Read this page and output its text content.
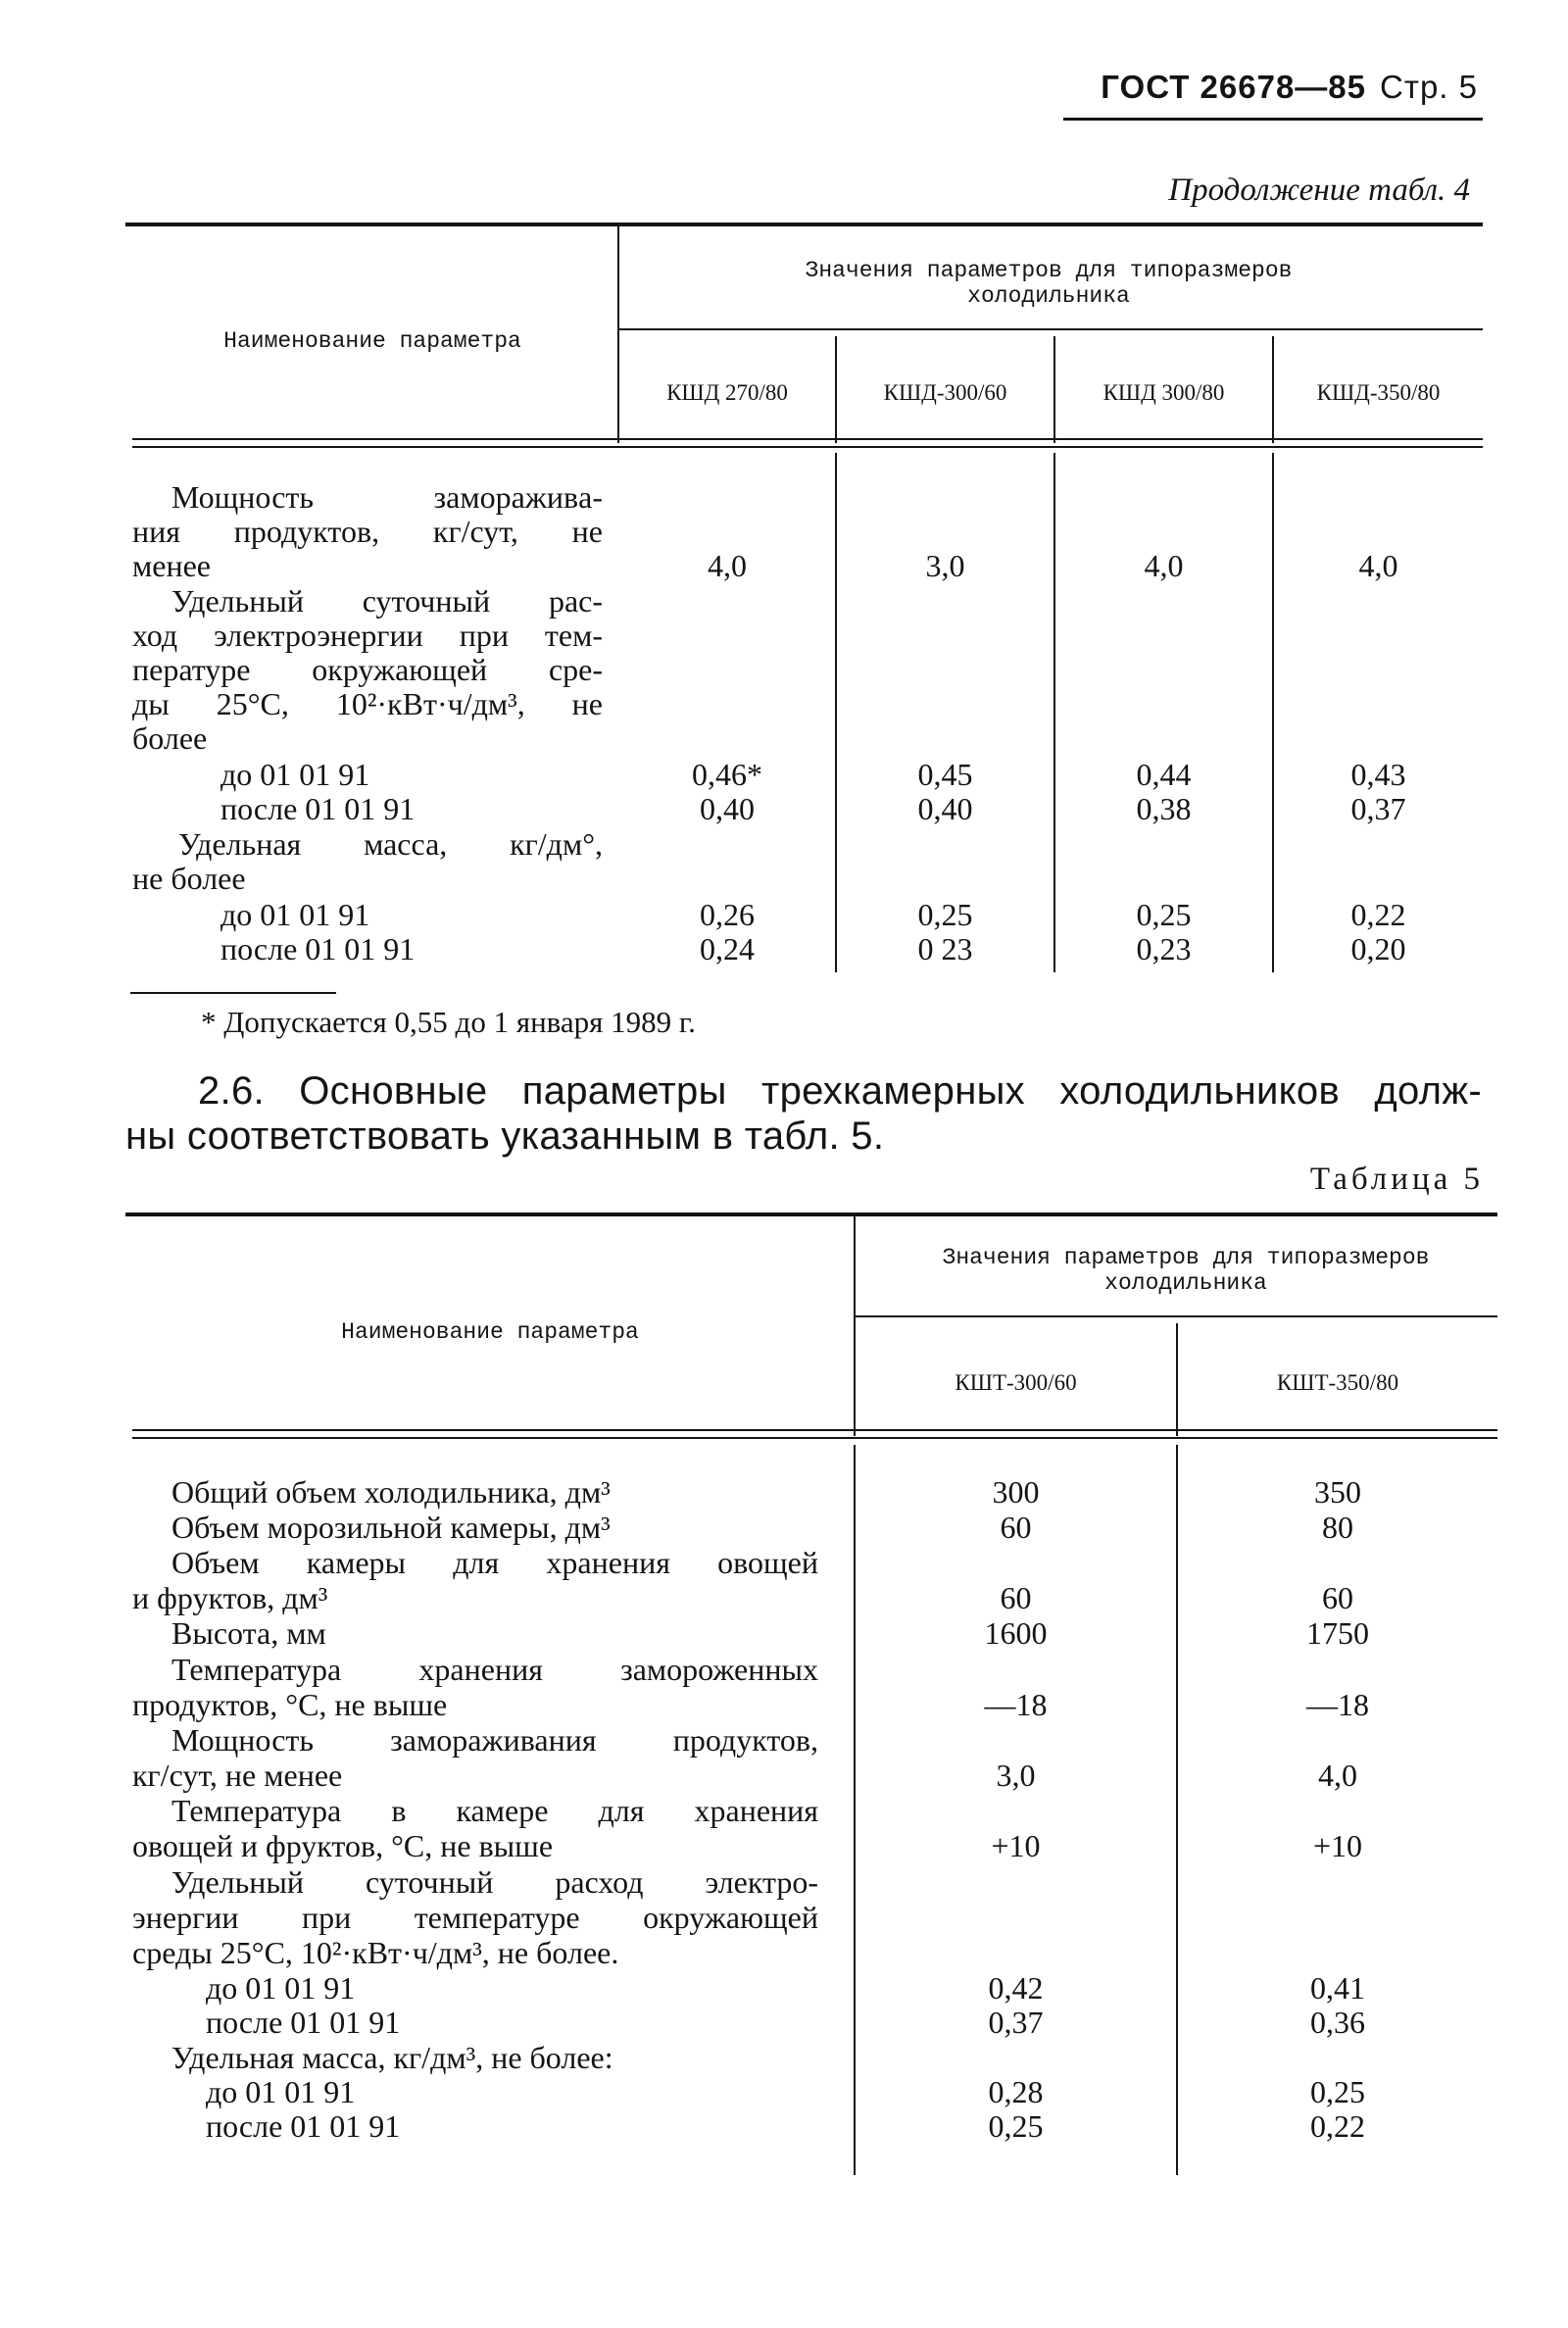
ГОСТ 26678—85 Стр. 5
Продолжение табл. 4
Наименование параметра
Значения параметров для типоразмеров холодильника
КШД 270/80	КШД-300/60	КШД 300/80	КШД-350/80
Мощность замораживa-
ния продуктов, кг/сут, не
менее	4,0	3,0	4,0	4,0
Удельный суточный рас-
ход электроэнергии при тем-
пературе окружающей сре-
ды 25°С, 10²·кВт·ч/дм³, не
более
до 01 01 91	0,46*	0,45	0,44	0,43
после 01 01 91	0,40	0,40	0,38	0,37
Удельная масса, кг/дм°,
не более
до 01 01 91	0,26	0,25	0,25	0,22
после 01 01 91	0,24	0 23	0,23	0,20
* Допускается 0,55 до 1 января 1989 г.
2.6. Основные параметры трехкамерных холодильников долж-
ны соответствовать указанным в табл. 5.
Таблица 5
Наименование параметра
Значения параметров для типоразмеров холодильника
КШТ-300/60	КШТ-350/80
Общий объем холодильника, дм³	300	350
Объем морозильной камеры, дм³	60	80
Объем камеры для хранения овощей
и фруктов, дм³	60	60
Высота, мм	1600	1750
Температура хранения замороженных
продуктов, °С, не выше	—18	—18
Мощность замораживания продуктов,
кг/сут, не менее	3,0	4,0
Температура в камере для хранения
овощей и фруктов, °С, не выше	+10	+10
Удельный суточный расход электро-
энергии при температуре окружающей
среды 25°С, 10²·кВт·ч/дм³, не более.
до 01 01 91	0,42	0,41
после 01 01 91	0,37	0,36
Удельная масса, кг/дм³, не более:
до 01 01 91	0,28	0,25
после 01 01 91	0,25	0,22
